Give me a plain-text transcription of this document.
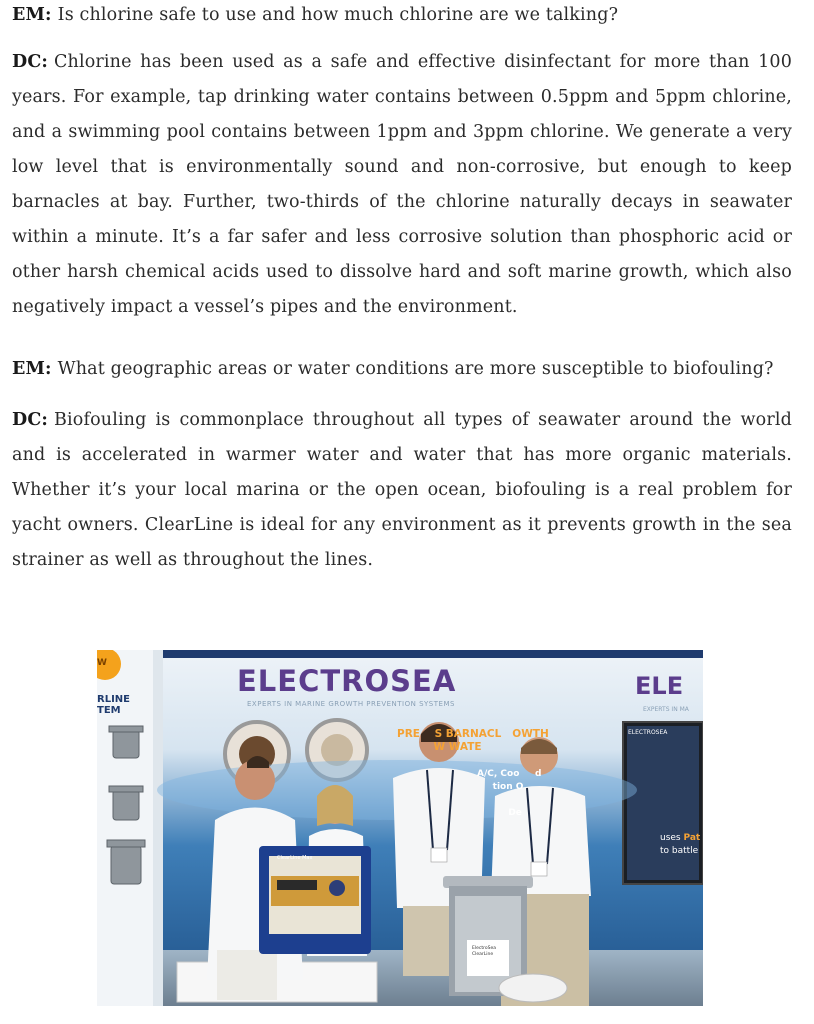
EM: Is chlorine safe to use and how much chlorine are we talking?

DC: Chlorine has been used as a safe and effective disinfectant for more than 100 years. For example, tap drinking water contains between 0.5ppm and 5ppm chlorine, and a swimming pool contains between 1ppm and 3ppm chlorine. We generate a very low level that is environmentally sound and non-corrosive, but enough to keep barnacles at bay. Further, two-thirds of the chlorine naturally decays in seawater within a minute. It’s a far safer and less corrosive solution than phosphoric acid or other harsh chemical acids used to dissolve hard and soft marine growth, which also negatively impact a vessel’s pipes and the environment.

EM: What geographic areas or water conditions are more susceptible to biofouling?

DC: Biofouling is commonplace throughout all types of seawater around the world and is accelerated in warmer water and water that has more organic materials. Whether it’s your local marina or the open ocean, biofouling is a real problem for yacht owners. ClearLine is ideal for any environment as it prevents growth in the sea strainer as well as throughout the lines.

ELECTROSEA
EXPERTS IN MARINE GROWTH PREVENTION SYSTEMS
ELE
EXPERTS IN MA
W
RLINE
TEM
PRE    S BARNACL   OWTH
W WATE
A/C, Coo     d
tion O

De
ELECTROSEA
uses Pat
to battle
ClearLine Max
ElectroSea
ClearLine
